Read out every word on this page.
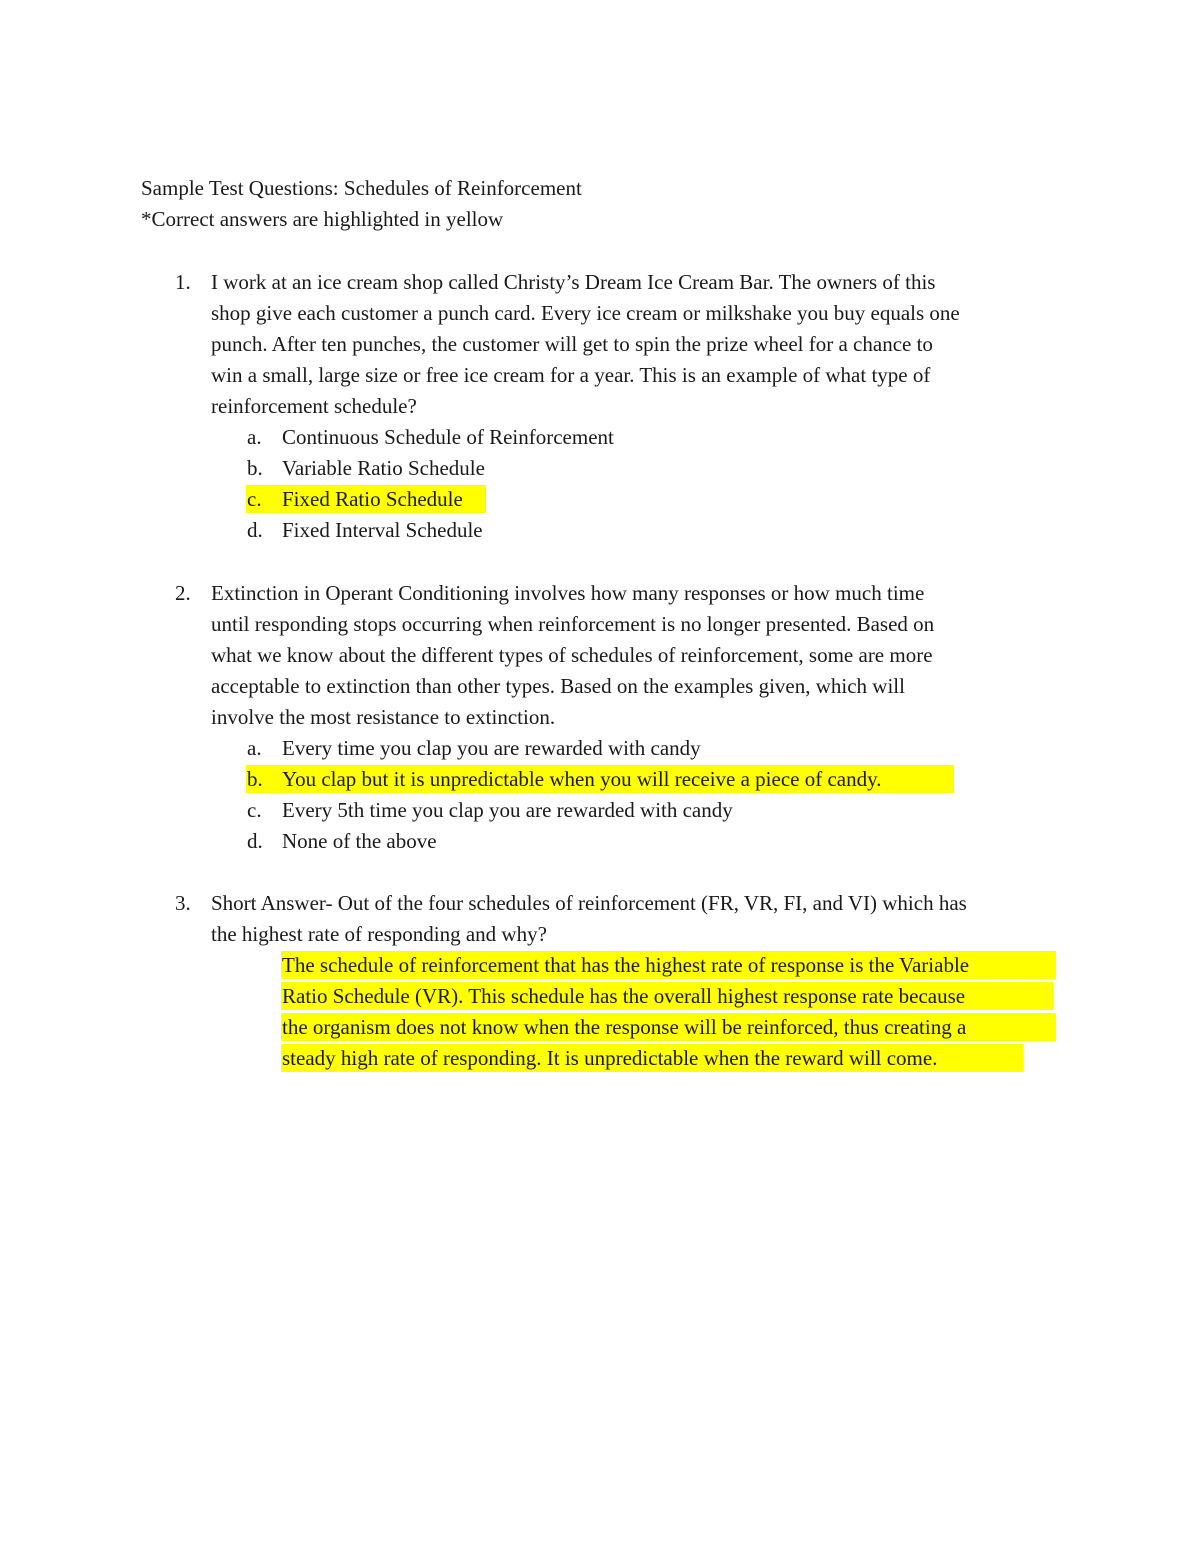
Sample Test Questions: Schedules of Reinforcement
*Correct answers are highlighted in yellow
1. I work at an ice cream shop called Christy’s Dream Ice Cream Bar. The owners of this
shop give each customer a punch card. Every ice cream or milkshake you buy equals one
punch. After ten punches, the customer will get to spin the prize wheel for a chance to
win a small, large size or free ice cream for a year. This is an example of what type of
reinforcement schedule?
a. Continuous Schedule of Reinforcement
b. Variable Ratio Schedule
c. Fixed Ratio Schedule
d. Fixed Interval Schedule
2. Extinction in Operant Conditioning involves how many responses or how much time
until responding stops occurring when reinforcement is no longer presented. Based on
what we know about the different types of schedules of reinforcement, some are more
acceptable to extinction than other types. Based on the examples given, which will
involve the most resistance to extinction.
a. Every time you clap you are rewarded with candy
b. You clap but it is unpredictable when you will receive a piece of candy.
c. Every 5th time you clap you are rewarded with candy
d. None of the above
3. Short Answer- Out of the four schedules of reinforcement (FR, VR, FI, and VI) which has
the highest rate of responding and why?
The schedule of reinforcement that has the highest rate of response is the Variable
Ratio Schedule (VR). This schedule has the overall highest response rate because
the organism does not know when the response will be reinforced, thus creating a
steady high rate of responding. It is unpredictable when the reward will come.
